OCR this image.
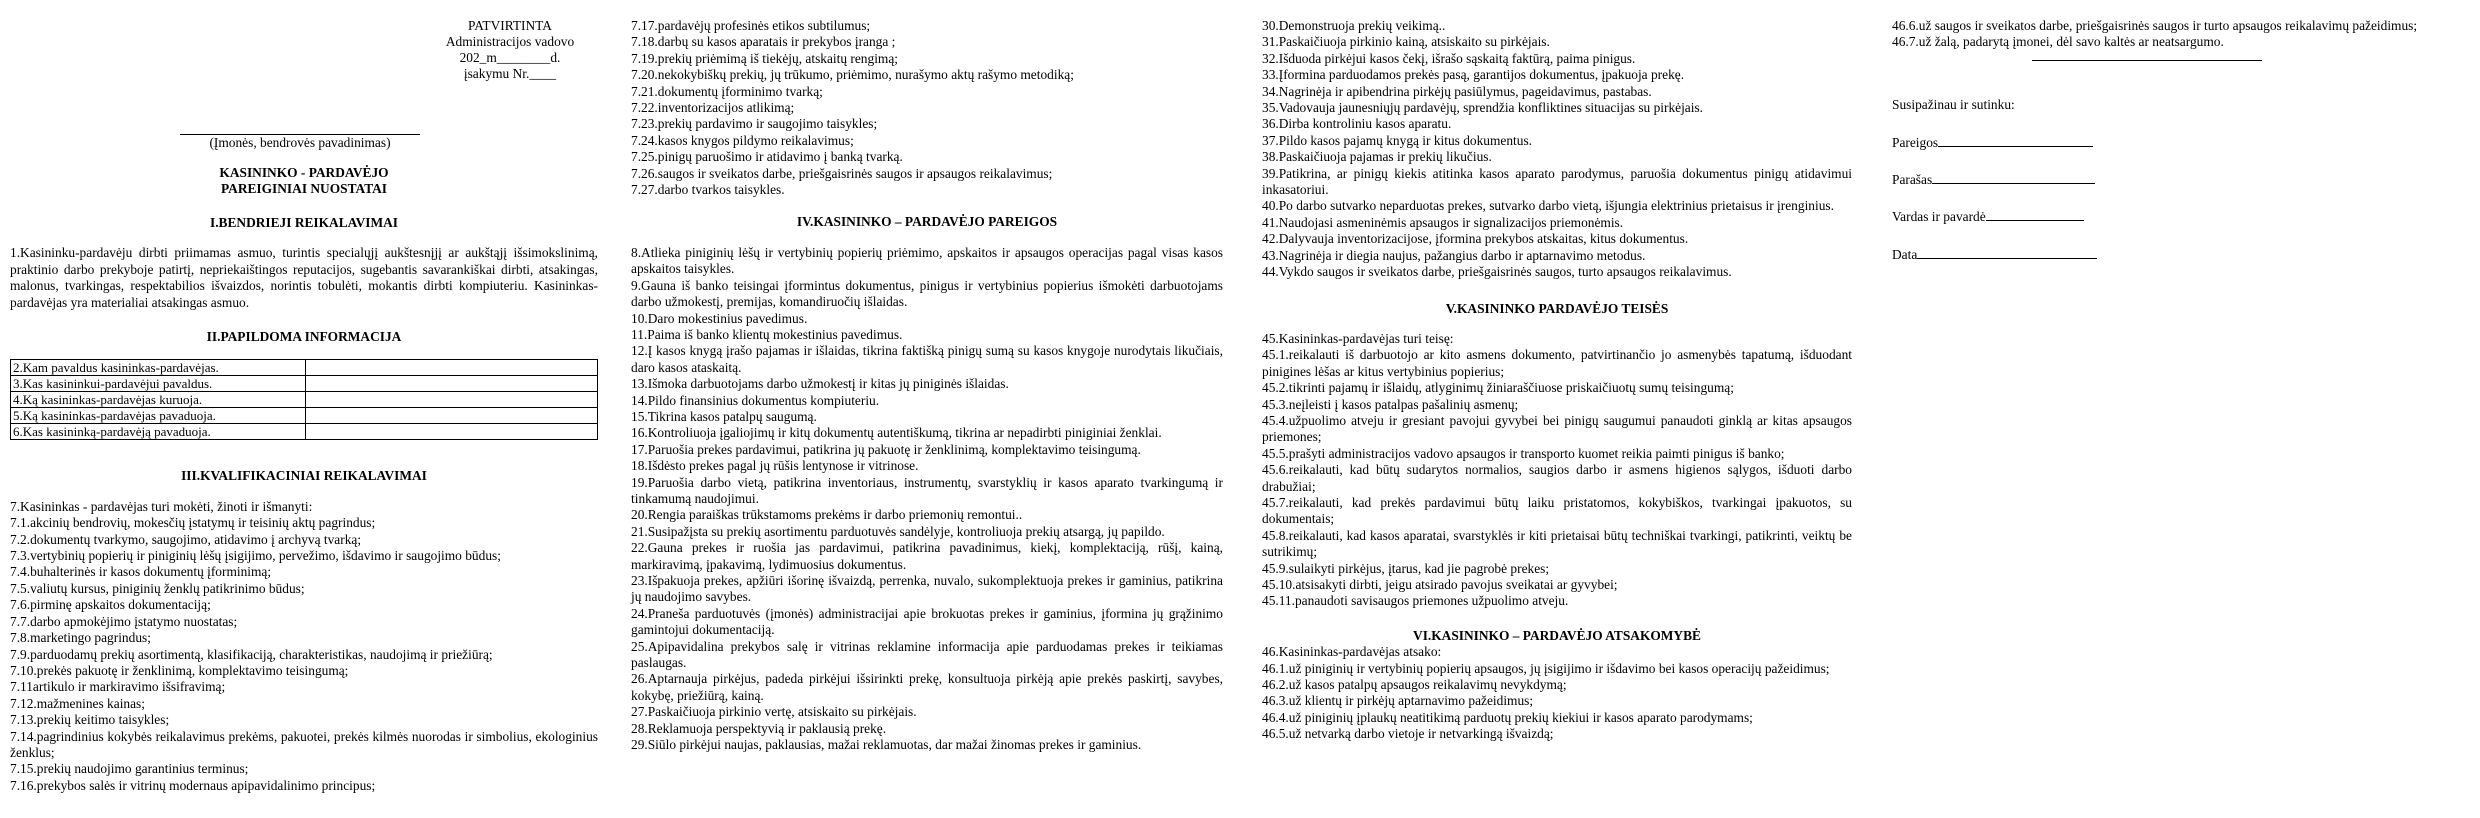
PATVIRTINTA

Administracijos vadovo

202_m________d.

įsakymu Nr.____

(Įmonės, bendrovės pavadinimas)

KASININKO - PARDAVĖJO

PAREIGINIAI NUOSTATAI

I.BENDRIEJI REIKALAVIMAI

1.Kasininku-pardavėju dirbti priimamas asmuo, turintis specialųjį aukštesnįjį ar aukštąjį išsimokslinimą, praktinio darbo prekyboje patirtį, nepriekaištingos reputacijos, sugebantis savarankiškai dirbti, atsakingas, malonus, tvarkingas, respektabilios išvaizdos, norintis tobulėti, mokantis dirbti kompiuteriu. Kasininkas-pardavėjas yra materialiai atsakingas asmuo.

II.PAPILDOMA INFORMACIJA

2.Kam pavaldus kasininkas-pardavėjas.	
3.Kas kasininkui-pardavėjui pavaldus.	
4.Ką kasininkas-pardavėjas kuruoja.	
5.Ką kasininkas-pardavėjas pavaduoja.	
6.Kas kasininką-pardavėją pavaduoja.	

III.KVALIFIKACINIAI REIKALAVIMAI

7.Kasininkas - pardavėjas turi mokėti, žinoti ir išmanyti:

7.1.akcinių bendrovių, mokesčių įstatymų ir teisinių aktų pagrindus;

7.2.dokumentų tvarkymo, saugojimo, atidavimo į archyvą tvarką;

7.3.vertybinių popierių ir piniginių lėšų įsigijimo, pervežimo, išdavimo ir saugojimo būdus;

7.4.buhalterinės ir kasos dokumentų įforminimą;

7.5.valiutų kursus, piniginių ženklų patikrinimo būdus;

7.6.pirminę apskaitos dokumentaciją;

7.7.darbo apmokėjimo įstatymo nuostatas;

7.8.marketingo pagrindus;

7.9.parduodamų prekių asortimentą, klasifikaciją, charakteristikas, naudojimą ir priežiūrą;

7.10.prekės pakuotę ir ženklinimą, komplektavimo teisingumą;

7.11artikulo ir markiravimo išsifravimą;

7.12.mažmenines kainas;

7.13.prekių keitimo taisykles;

7.14.pagrindinius kokybės reikalavimus prekėms, pakuotei, prekės kilmės nuorodas ir simbolius, ekologinius ženklus;

7.15.prekių naudojimo garantinius terminus;

7.16.prekybos salės ir vitrinų modernaus apipavidalinimo principus;

7.17.pardavėjų profesinės etikos subtilumus;

7.18.darbų su kasos aparatais ir prekybos įranga ;

7.19.prekių priėmimą iš tiekėjų, atskaitų rengimą;

7.20.nekokybiškų prekių, jų trūkumo, priėmimo, nurašymo aktų rašymo metodiką;

7.21.dokumentų įforminimo tvarką;

7.22.inventorizacijos atlikimą;

7.23.prekių pardavimo ir saugojimo taisykles;

7.24.kasos knygos pildymo reikalavimus;

7.25.pinigų paruošimo ir atidavimo į banką tvarką.

7.26.saugos ir sveikatos darbe, priešgaisrinės saugos ir apsaugos reikalavimus;

7.27.darbo tvarkos taisykles.

IV.KASININKO – PARDAVĖJO PAREIGOS

8.Atlieka piniginių lėšų ir vertybinių popierių priėmimo, apskaitos ir apsaugos operacijas pagal visas kasos apskaitos taisykles.

9.Gauna iš banko teisingai įformintus dokumentus, pinigus ir vertybinius popierius išmokėti darbuotojams darbo užmokestį, premijas, komandiruočių išlaidas.

10.Daro mokestinius pavedimus.

11.Paima iš banko klientų mokestinius pavedimus.

12.Į kasos knygą įrašo pajamas ir išlaidas, tikrina faktišką pinigų sumą su kasos knygoje nurodytais likučiais, daro kasos ataskaitą.

13.Išmoka darbuotojams darbo užmokestį ir kitas jų piniginės išlaidas.

14.Pildo finansinius dokumentus kompiuteriu.

15.Tikrina kasos patalpų saugumą.

16.Kontroliuoja įgaliojimų ir kitų dokumentų autentiškumą, tikrina ar nepadirbti piniginiai ženklai.

17.Paruošia prekes pardavimui, patikrina jų pakuotę ir ženklinimą, komplektavimo teisingumą.

18.Išdėsto prekes pagal jų rūšis lentynose ir vitrinose.

19.Paruošia darbo vietą, patikrina inventoriaus, instrumentų, svarstyklių ir kasos aparato tvarkingumą ir tinkamumą naudojimui.

20.Rengia paraiškas trūkstamoms prekėms ir darbo priemonių remontui..

21.Susipažįsta su prekių asortimentu parduotuvės sandėlyje, kontroliuoja prekių atsargą, jų papildo.

22.Gauna prekes ir ruošia jas pardavimui, patikrina pavadinimus, kiekį, komplektaciją, rūšį, kainą, markiravimą, įpakavimą, lydimuosius dokumentus.

23.Išpakuoja prekes, apžiūri išorinę išvaizdą, perrenka, nuvalo, sukomplektuoja prekes ir gaminius, patikrina jų naudojimo savybes.

24.Praneša parduotuvės (įmonės) administracijai apie brokuotas prekes ir gaminius, įformina jų grąžinimo gamintojui dokumentaciją.

25.Apipavidalina prekybos salę ir vitrinas reklamine informacija apie parduodamas prekes ir teikiamas paslaugas.

26.Aptarnauja pirkėjus, padeda pirkėjui išsirinkti prekę, konsultuoja pirkėją apie prekės paskirtį, savybes, kokybę, priežiūrą, kainą.

27.Paskaičiuoja pirkinio vertę, atsiskaito su pirkėjais.

28.Reklamuoja perspektyvią ir paklausią prekę.

29.Siūlo pirkėjui naujas, paklausias, mažai reklamuotas, dar mažai žinomas prekes ir gaminius.

30.Demonstruoja prekių veikimą..

31.Paskaičiuoja pirkinio kainą, atsiskaito su pirkėjais.

32.Išduoda pirkėjui kasos čekį, išrašo sąskaitą faktūrą, paima pinigus.

33.Įformina parduodamos prekės pasą, garantijos dokumentus, įpakuoja prekę.

34.Nagrinėja ir apibendrina pirkėjų pasiūlymus, pageidavimus, pastabas.

35.Vadovauja jaunesniųjų pardavėjų, sprendžia konfliktines situacijas su pirkėjais.

36.Dirba kontroliniu kasos aparatu.

37.Pildo kasos pajamų knygą ir kitus dokumentus.

38.Paskaičiuoja pajamas ir prekių likučius.

39.Patikrina, ar pinigų kiekis atitinka kasos aparato parodymus, paruošia dokumentus pinigų atidavimui inkasatoriui.

40.Po darbo sutvarko neparduotas prekes, sutvarko darbo vietą, išjungia elektrinius prietaisus ir įrenginius.

41.Naudojasi asmeninėmis apsaugos ir signalizacijos priemonėmis.

42.Dalyvauja inventorizacijose, įformina prekybos atskaitas, kitus dokumentus.

43.Nagrinėja ir diegia naujus, pažangius darbo ir aptarnavimo metodus.

44.Vykdo saugos ir sveikatos darbe, priešgaisrinės saugos, turto apsaugos reikalavimus.

V.KASININKO PARDAVĖJO TEISĖS

45.Kasininkas-pardavėjas turi teisę:

45.1.reikalauti iš darbuotojo ar kito asmens dokumento, patvirtinančio jo asmenybės tapatumą, išduodant pinigines lėšas ar kitus vertybinius popierius;

45.2.tikrinti pajamų ir išlaidų, atlyginimų žiniaraščiuose priskaičiuotų sumų teisingumą;

45.3.neįleisti į kasos patalpas pašalinių asmenų;

45.4.užpuolimo atveju ir gresiant pavojui gyvybei bei pinigų saugumui panaudoti ginklą ar kitas apsaugos priemones;

45.5.prašyti administracijos vadovo apsaugos ir transporto kuomet reikia paimti pinigus iš banko;

45.6.reikalauti, kad būtų sudarytos normalios, saugios darbo ir asmens higienos sąlygos, išduoti darbo drabužiai;

45.7.reikalauti, kad prekės pardavimui būtų laiku pristatomos, kokybiškos, tvarkingai įpakuotos, su dokumentais;

45.8.reikalauti, kad kasos aparatai, svarstyklės ir kiti prietaisai būtų techniškai tvarkingi, patikrinti, veiktų be sutrikimų;

45.9.sulaikyti pirkėjus, įtarus, kad jie pagrobė prekes;

45.10.atsisakyti dirbti, jeigu atsirado pavojus sveikatai ar gyvybei;

45.11.panaudoti savisaugos priemones užpuolimo atveju.

VI.KASININKO – PARDAVĖJO ATSAKOMYBĖ

46.Kasininkas-pardavėjas atsako:

46.1.už piniginių ir vertybinių popierių apsaugos, jų įsigijimo ir išdavimo bei kasos operacijų pažeidimus;

46.2.už kasos patalpų apsaugos reikalavimų nevykdymą;

46.3.už klientų ir pirkėjų aptarnavimo pažeidimus;

46.4.už piniginių įplaukų neatitikimą parduotų prekių kiekiui ir kasos aparato parodymams;

46.5.už netvarką darbo vietoje ir netvarkingą išvaizdą;

46.6.už saugos ir sveikatos darbe, priešgaisrinės saugos ir turto apsaugos reikalavimų pažeidimus;

46.7.už žalą, padarytą įmonei, dėl savo kaltės ar neatsargumo.

Susipažinau ir sutinku:

Pareigos
Parašas
Vardas ir pavardė
Data
